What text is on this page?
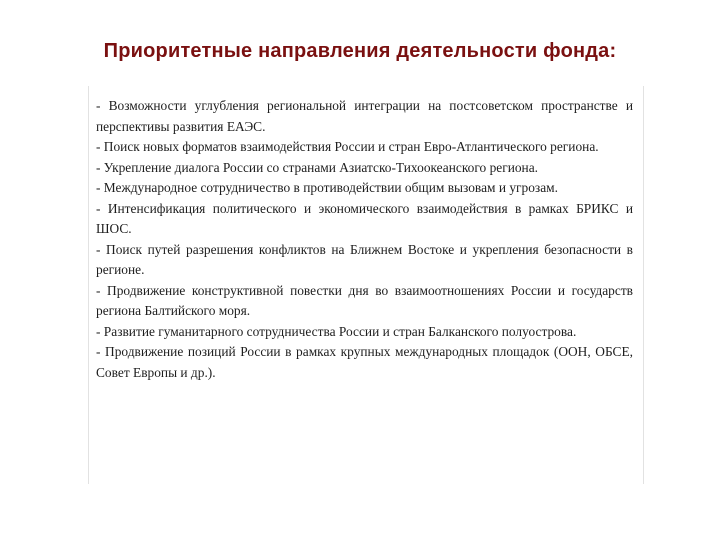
Приоритетные направления деятельности фонда:
- Возможности углубления региональной интеграции на постсоветском пространстве и перспективы развития ЕАЭС.
- Поиск новых форматов взаимодействия России и стран Евро-Атлантического региона.
- Укрепление диалога России со странами Азиатско-Тихоокеанского региона.
- Международное сотрудничество в противодействии общим вызовам и угрозам.
- Интенсификация политического и экономического взаимодействия в рамках БРИКС и ШОС.
- Поиск путей разрешения конфликтов на Ближнем Востоке и укрепления безопасности в регионе.
- Продвижение конструктивной повестки дня во взаимоотношениях России и государств региона Балтийского моря.
- Развитие гуманитарного сотрудничества России и стран Балканского полуострова.
- Продвижение позиций России в рамках крупных международных площадок (ООН, ОБСЕ, Совет Европы и др.).
